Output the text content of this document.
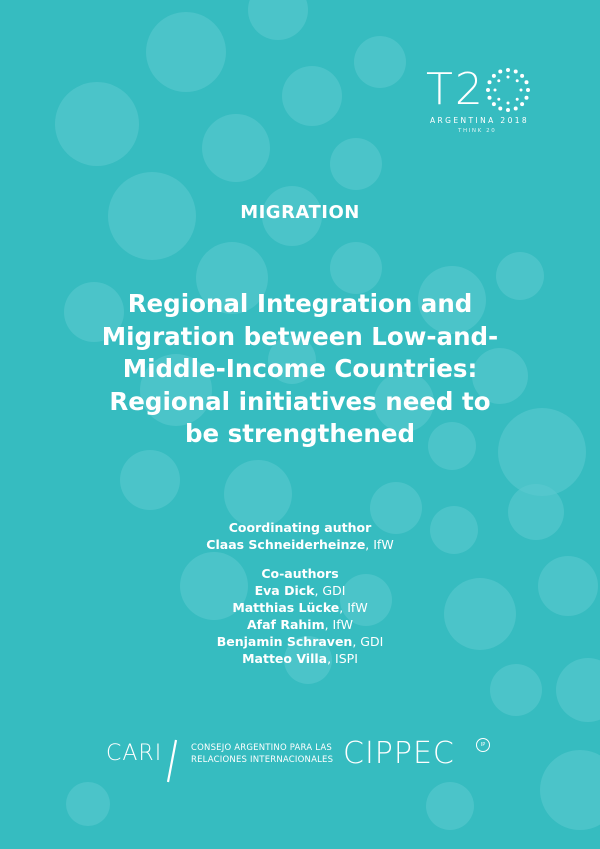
T2
ARGENTINA 2018
THINK 20
MIGRATION
Regional Integration and
Migration between Low-and-
Middle-Income Countries:
Regional initiatives need to
be strengthened
Coordinating author
Claas Schneiderheinze, IfW
Co-authors
Eva Dick, GDI
Matthias Lücke, IfW
Afaf Rahim, IfW
Benjamin Schraven, GDI
Matteo Villa, ISPI
CARI	CONSEJO ARGENTINO PARA LAS
RELACIONES INTERNACIONALES CIPPEC	IP
